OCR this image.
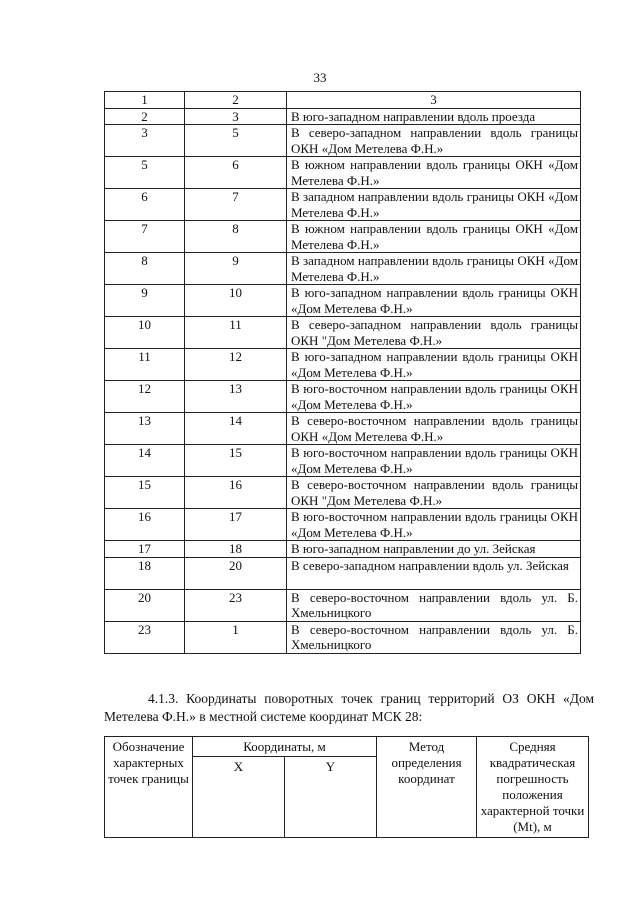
33
1	2	3
2	3	В юго-западном направлении вдоль проезда
3	5	В северо-западном направлении вдоль границы ОКН «Дом Метелева Ф.Н.»
5	6	В южном направлении вдоль границы ОКН «Дом Метелева Ф.Н.»
6	7	В западном направлении вдоль границы ОКН «Дом Метелева Ф.Н.»
7	8	В южном направлении вдоль границы ОКН «Дом Метелева Ф.Н.»
8	9	В западном направлении вдоль границы ОКН «Дом Метелева Ф.Н.»
9	10	В юго-западном направлении вдоль границы ОКН «Дом Метелева Ф.Н.»
10	11	В северо-западном направлении вдоль границы ОКН "Дом Метелева Ф.Н.»
11	12	В юго-западном направлении вдоль границы ОКН «Дом Метелева Ф.Н.»
12	13	В юго-восточном направлении вдоль границы ОКН «Дом Метелева Ф.Н.»
13	14	В северо-восточном направлении вдоль границы ОКН «Дом Метелева Ф.Н.»
14	15	В юго-восточном направлении вдоль границы ОКН «Дом Метелева Ф.Н.»
15	16	В северо-восточном направлении вдоль границы ОКН "Дом Метелева Ф.Н.»
16	17	В юго-восточном направлении вдоль границы ОКН «Дом Метелева Ф.Н.»
17	18	В юго-западном направлении до ул. Зейская
18	20	В северо-западном направлении вдоль ул. Зейская
20	23	В северо-восточном направлении вдоль ул. Б. Хмельницкого
23	1	В северо-восточном направлении вдоль ул. Б. Хмельницкого
4.1.3. Координаты поворотных точек границ территорий ОЗ ОКН «Дом Метелева Ф.Н.» в местной системе координат МСК 28:
Обозначение характерных точек границы	Координаты, м		Метод определения координат	Средняя квадратическая погрешность положения характерной точки (Mt), м
	X	Y		
